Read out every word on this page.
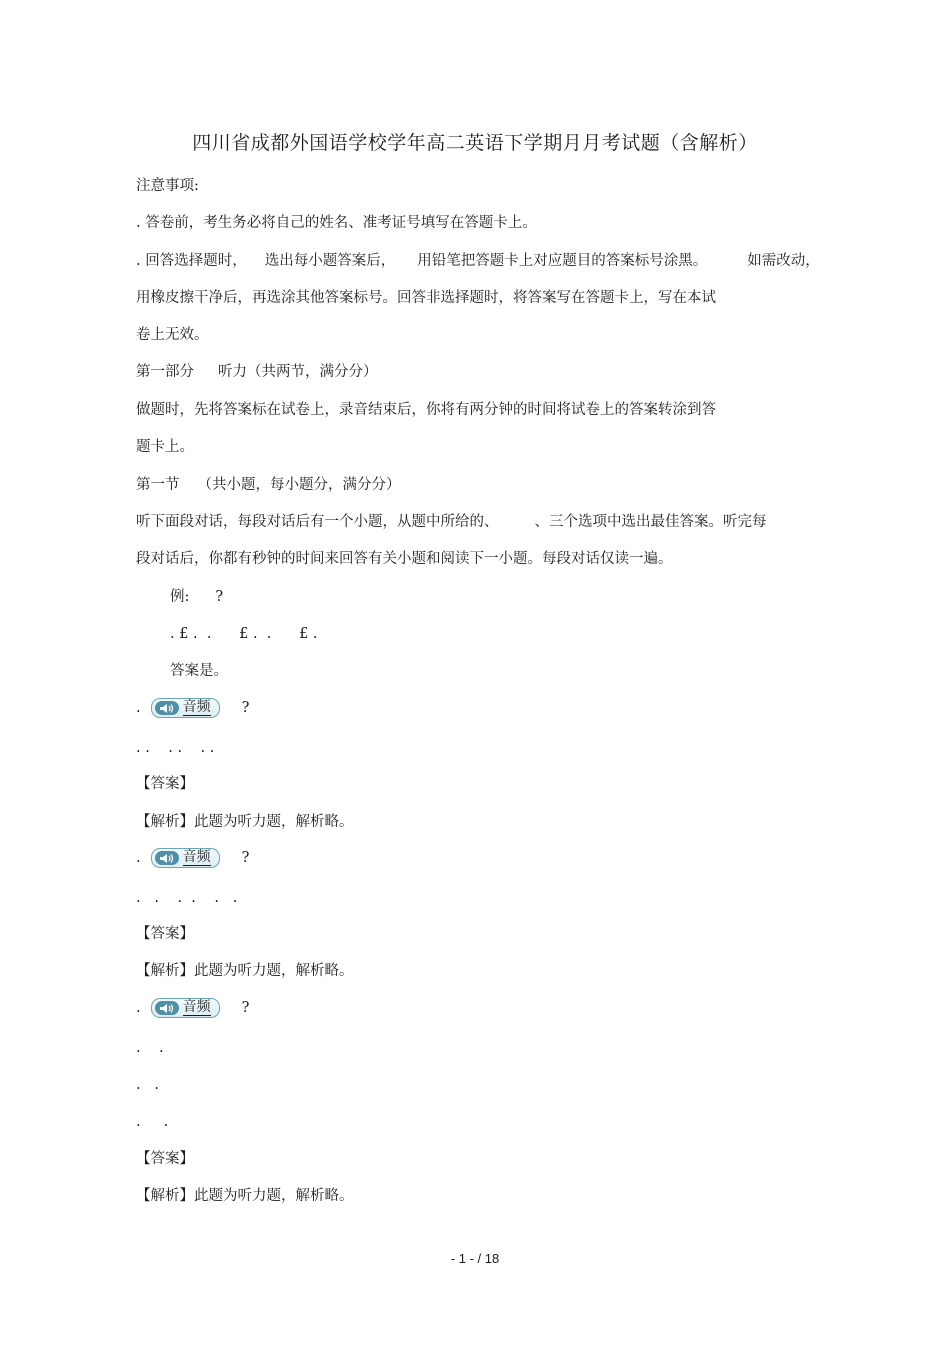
四川省成都外国语学校学年高二英语下学期月月考试题（含解析）
注意事项:
. 答卷前，考生务必将自己的姓名、准考证号填写在答题卡上。
. 回答选择题时， 选出每小题答案后， 用铅笔把答题卡上对应题目的答案标号涂黑。	如需改动，
用橡皮擦干净后，再选涂其他答案标号。回答非选择题时，将答案写在答题卡上，写在本试
卷上无效。
第一部分 听力（共两节，满分分）
做题时，先将答案标在试卷上，录音结束后，你将有两分钟的时间将试卷上的答案转涂到答
题卡上。
第一节 （共小题，每小题分，满分分）
听下面段对话，每段对话后有一个小题，从题中所给的、 、三个选项中选出最佳答案。听完每
段对话后，你都有秒钟的时间来回答有关小题和阅读下一小题。每段对话仅读一遍。
例: ?
. £ .  .      £ .  .      £ .
答案是。
.	音频 ?
. .    . .    . .
【答案】
【解析】此题为听力题，解析略。
.	音频 ?
.   .    .  .    .   .
【答案】
【解析】此题为听力题，解析略。
.	音频 ?
.    .
.   .
.     .
【答案】
【解析】此题为听力题，解析略。
- 1 - / 18
